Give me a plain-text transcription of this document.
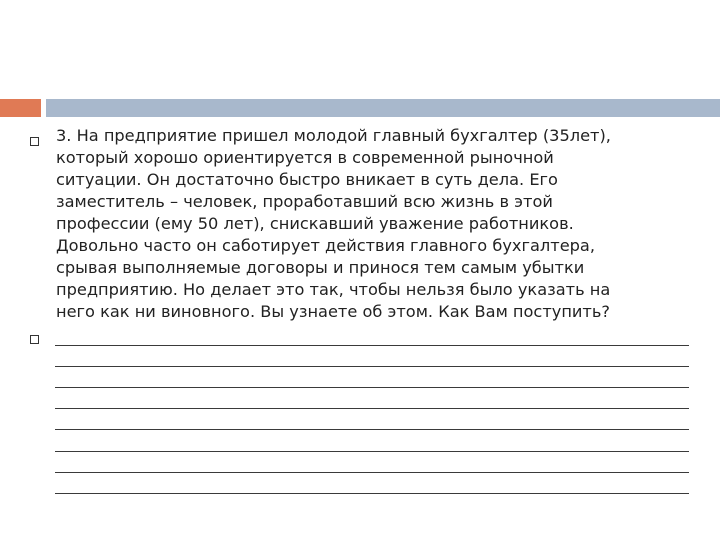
3. На предприятие пришел молодой главный бухгалтер (35лет),
который хорошо ориентируется в современной рыночной
ситуации. Он достаточно быстро вникает в суть дела. Его
заместитель – человек, проработавший всю жизнь в этой
профессии (ему 50 лет), снискавший уважение работников.
Довольно часто он саботирует действия главного бухгалтера,
срывая выполняемые договоры и принося тем самым убытки
предприятию. Но делает это так, чтобы нельзя было указать на
него как ни виновного. Вы узнаете об этом. Как Вам поступить?
